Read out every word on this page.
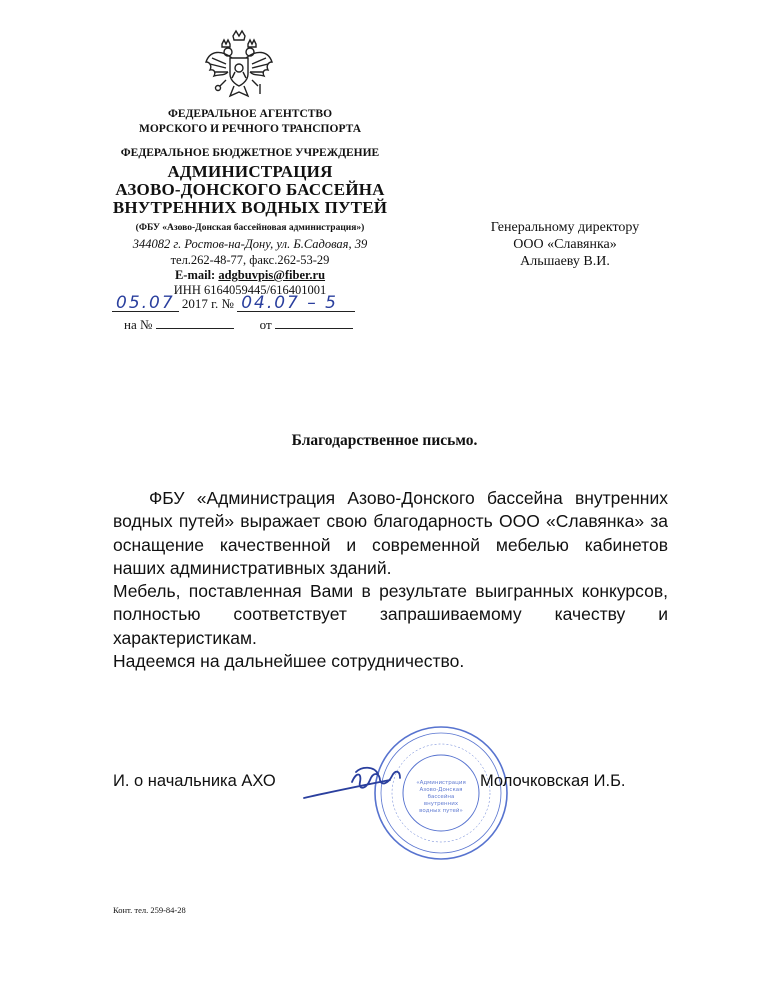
ФЕДЕРАЛЬНОЕ АГЕНТСТВО
МОРСКОГО И РЕЧНОГО ТРАНСПОРТА
ФЕДЕРАЛЬНОЕ БЮДЖЕТНОЕ УЧРЕЖДЕНИЕ
АДМИНИСТРАЦИЯ
АЗОВО-ДОНСКОГО БАССЕЙНА
ВНУТРЕННИХ ВОДНЫХ ПУТЕЙ
(ФБУ «Азово-Донская бассейновая администрация»)
344082 г. Ростов-на-Дону, ул. Б.Садовая, 39
тел.262-48-77, факс.262-53-29
E-mail: adgbuvpis@fiber.ru
ИНН 6164059445/616401001
05.07 2017 г. № 04.07 – 5
на №	от
Генеральному директору
ООО «Славянка»
Альшаеву В.И.
Благодарственное письмо.

ФБУ «Администрация Азово-Донского бассейна внутренних водных путей» выражает свою благодарность ООО «Славянка» за оснащение качественной и современной мебелью кабинетов наших административных зданий.

Мебель, поставленная Вами в результате выигранных конкурсов, полностью соответствует запрашиваемому качеству и характеристикам.

Надеемся на дальнейшее сотрудничество.

«Администрация
Азово-Донская
бассейна
внутренних
водных путей»
И. о начальника АХО	Молочковская И.Б.
Конт. тел. 259-84-28
